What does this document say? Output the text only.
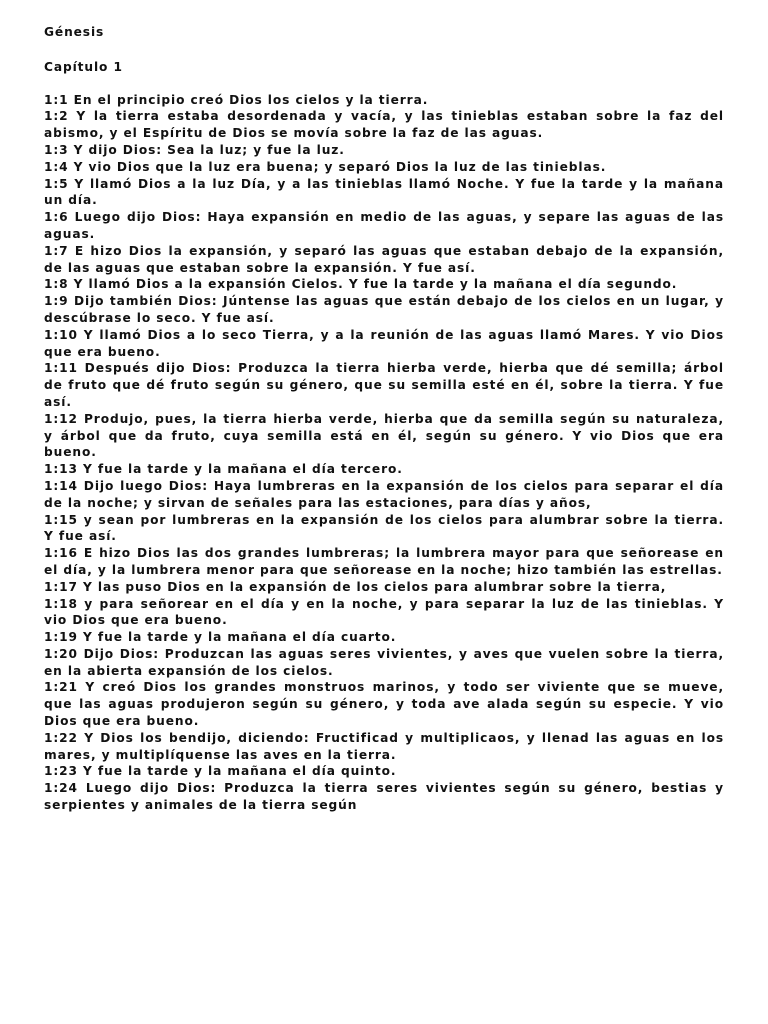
Génesis
Capítulo 1
1:1 En el principio creó Dios los cielos y la tierra.
1:2 Y la tierra estaba desordenada y vacía, y las tinieblas estaban sobre la faz del abismo, y el Espíritu de Dios se movía sobre la faz de las aguas.
1:3 Y dijo Dios: Sea la luz; y fue la luz.
1:4 Y vio Dios que la luz era buena; y separó Dios la luz de las tinieblas.
1:5 Y llamó Dios a la luz Día, y a las tinieblas llamó Noche. Y fue la tarde y la mañana un día.
1:6 Luego dijo Dios: Haya expansión en medio de las aguas, y separe las aguas de las aguas.
1:7 E hizo Dios la expansión, y separó las aguas que estaban debajo de la expansión, de las aguas que estaban sobre la expansión. Y fue así.
1:8 Y llamó Dios a la expansión Cielos. Y fue la tarde y la mañana el día segundo.
1:9 Dijo también Dios: Júntense las aguas que están debajo de los cielos en un lugar, y descúbrase lo seco. Y fue así.
1:10 Y llamó Dios a lo seco Tierra, y a la reunión de las aguas llamó Mares. Y vio Dios que era bueno.
1:11 Después dijo Dios: Produzca la tierra hierba verde, hierba que dé semilla; árbol de fruto que dé fruto según su género, que su semilla esté en él, sobre la tierra. Y fue así.
1:12 Produjo, pues, la tierra hierba verde, hierba que da semilla según su naturaleza, y árbol que da fruto, cuya semilla está en él, según su género. Y vio Dios que era bueno.
1:13 Y fue la tarde y la mañana el día tercero.
1:14 Dijo luego Dios: Haya lumbreras en la expansión de los cielos para separar el día de la noche; y sirvan de señales para las estaciones, para días y años,
1:15 y sean por lumbreras en la expansión de los cielos para alumbrar sobre la tierra. Y fue así.
1:16 E hizo Dios las dos grandes lumbreras; la lumbrera mayor para que señorease en el día, y la lumbrera menor para que señorease en la noche; hizo también las estrellas.
1:17 Y las puso Dios en la expansión de los cielos para alumbrar sobre la tierra,
1:18 y para señorear en el día y en la noche, y para separar la luz de las tinieblas. Y vio Dios que era bueno.
1:19 Y fue la tarde y la mañana el día cuarto.
1:20 Dijo Dios: Produzcan las aguas seres vivientes, y aves que vuelen sobre la tierra, en la abierta expansión de los cielos.
1:21 Y creó Dios los grandes monstruos marinos, y todo ser viviente que se mueve, que las aguas produjeron según su género, y toda ave alada según su especie. Y vio Dios que era bueno.
1:22 Y Dios los bendijo, diciendo: Fructificad y multiplicaos, y llenad las aguas en los mares, y multiplíquense las aves en la tierra.
1:23 Y fue la tarde y la mañana el día quinto.
1:24 Luego dijo Dios: Produzca la tierra seres vivientes según su género, bestias y serpientes y animales de la tierra según
